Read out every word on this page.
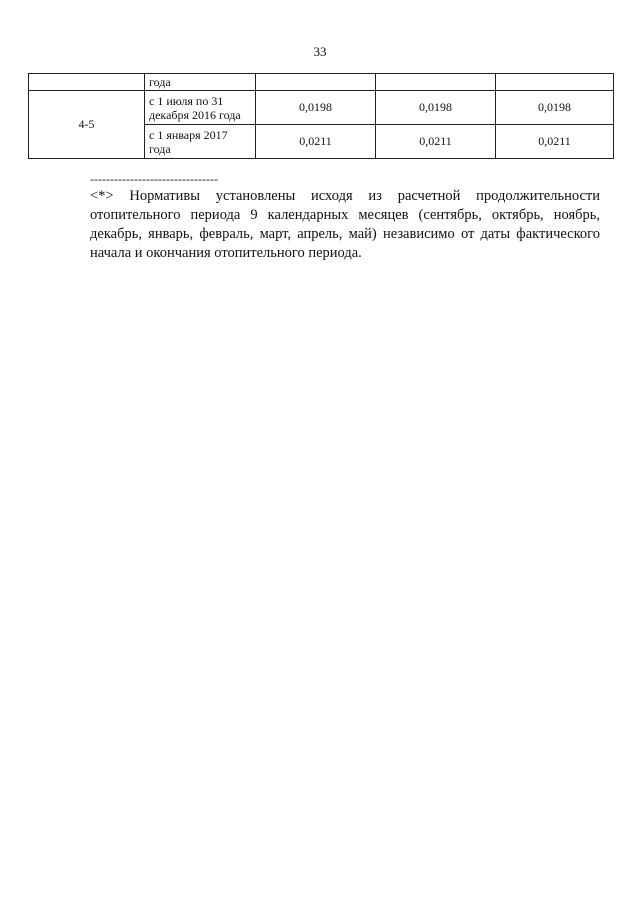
33
	года			
4-5	с 1 июля по 31 декабря 2016 года	0,0198	0,0198	0,0198
	с 1 января 2017 года	0,0211	0,0211	0,0211
--------------------------------

<*> Нормативы установлены исходя из расчетной продолжительности отопительного периода 9 календарных месяцев (сентябрь, октябрь, ноябрь, декабрь, январь, февраль, март, апрель, май) независимо от даты фактического начала и окончания отопительного периода.
